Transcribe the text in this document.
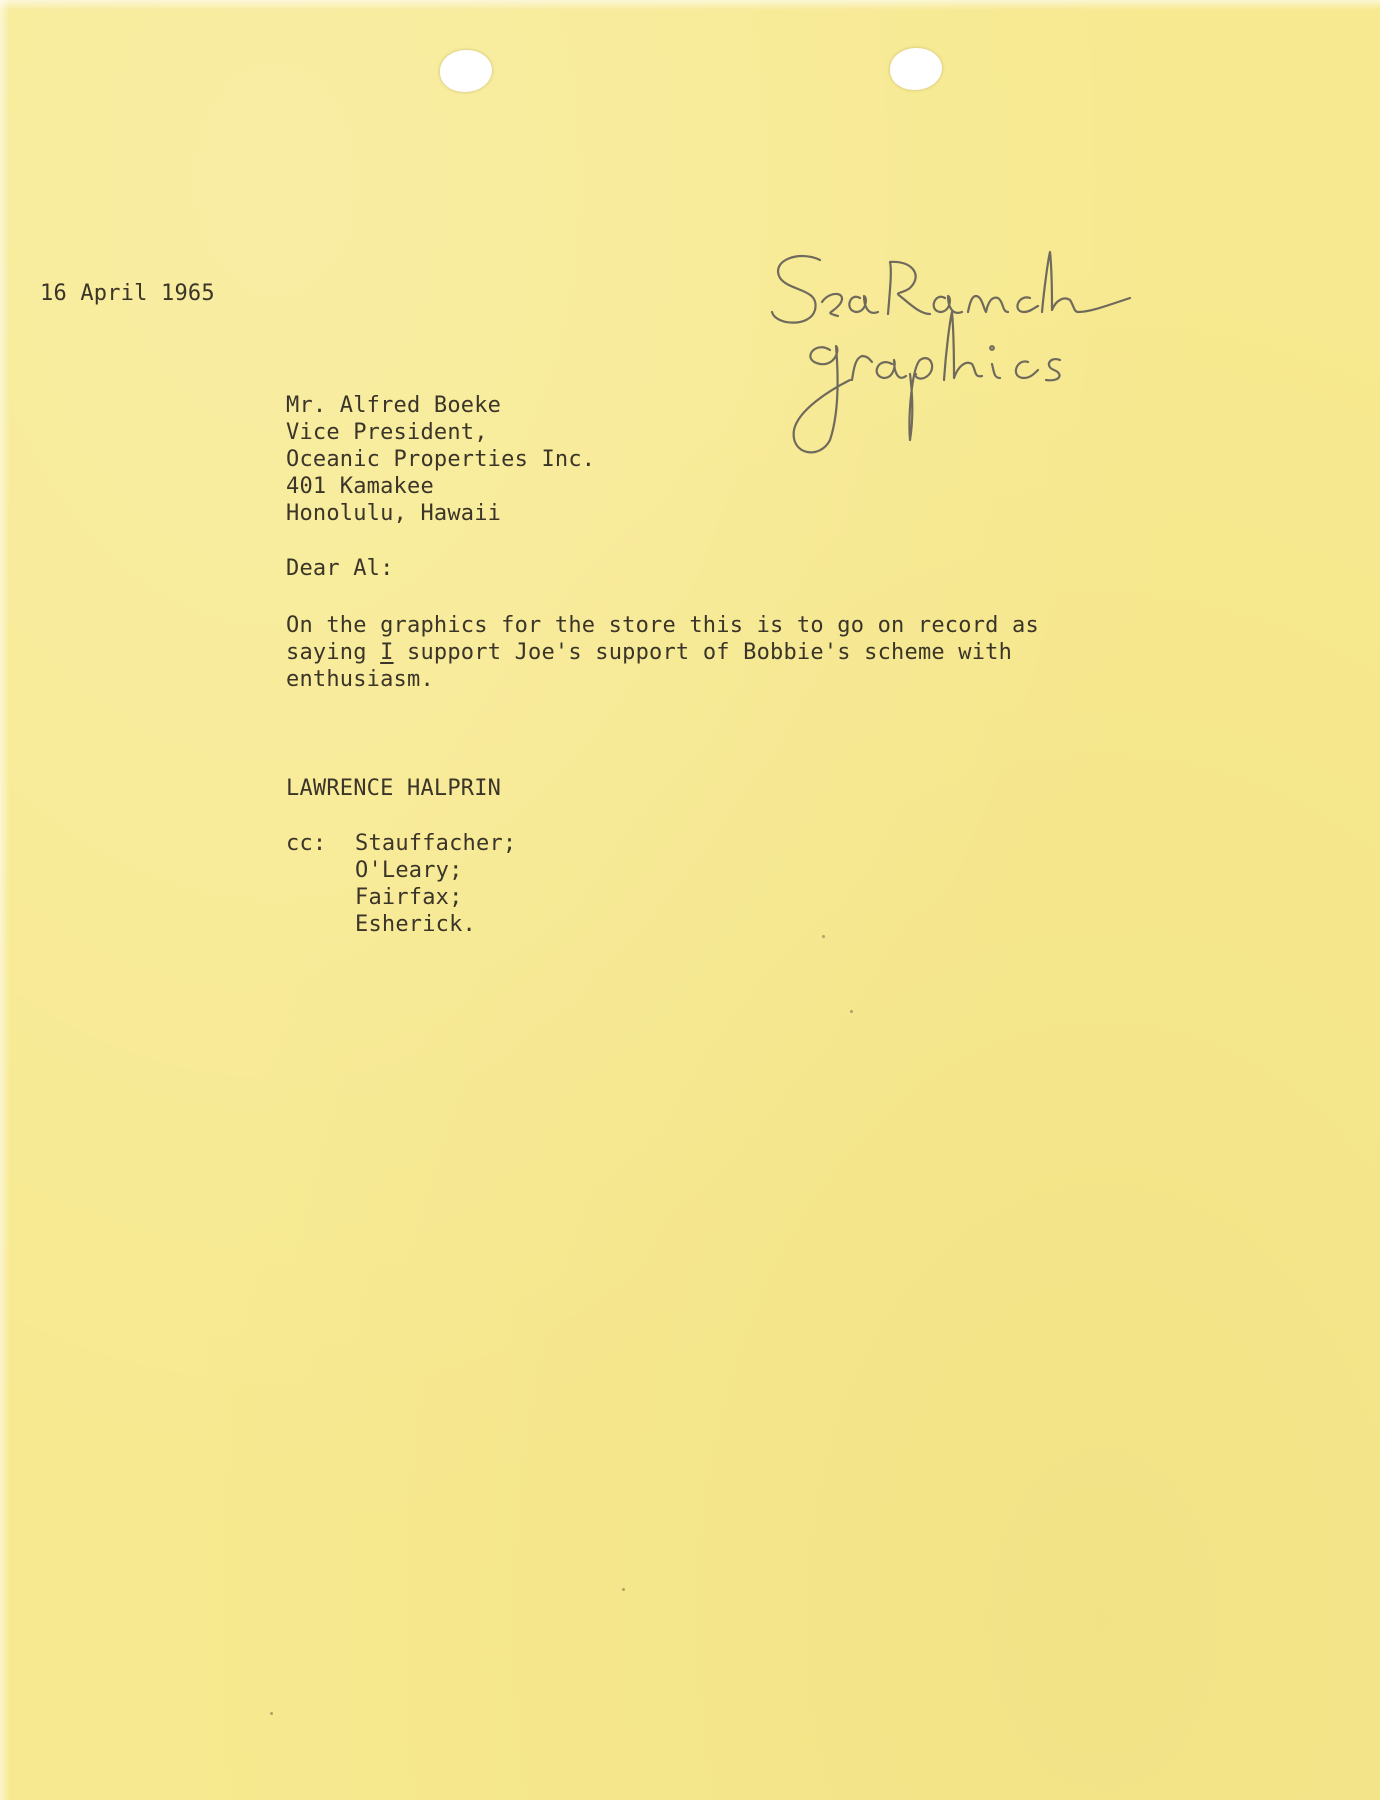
16 April 1965
Mr. Alfred Boeke
Vice President,
Oceanic Properties Inc.
401 Kamakee
Honolulu, Hawaii
Dear Al:
On the graphics for the store this is to go on record as
saying I support Joe's support of Bobbie's scheme with
enthusiasm.
LAWRENCE HALPRIN
cc: Stauffacher;
O'Leary;
Fairfax;
Esherick.
